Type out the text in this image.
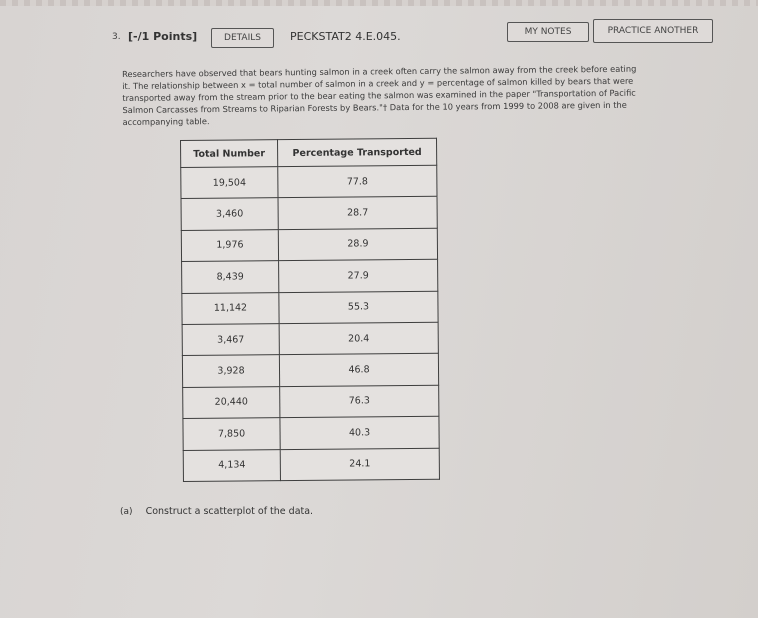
3. [-/1 Points]	DETAILS	PECKSTAT2 4.E.045.	MY NOTES	PRACTICE ANOTHER

Researchers have observed that bears hunting salmon in a creek often carry the salmon away from the creek before eating

it. The relationship between x = total number of salmon in a creek and y = percentage of salmon killed by bears that were

transported away from the stream prior to the bear eating the salmon was examined in the paper "Transportation of Pacific

Salmon Carcasses from Streams to Riparian Forests by Bears."† Data for the 10 years from 1999 to 2008 are given in the

accompanying table.

Total Number	Percentage Transported
19,504	77.8
3,460	28.7
1,976	28.9
8,439	27.9
11,142	55.3
3,467	20.4
3,928	46.8
20,440	76.3
7,850	40.3
4,134	24.1
(a) Construct a scatterplot of the data.
